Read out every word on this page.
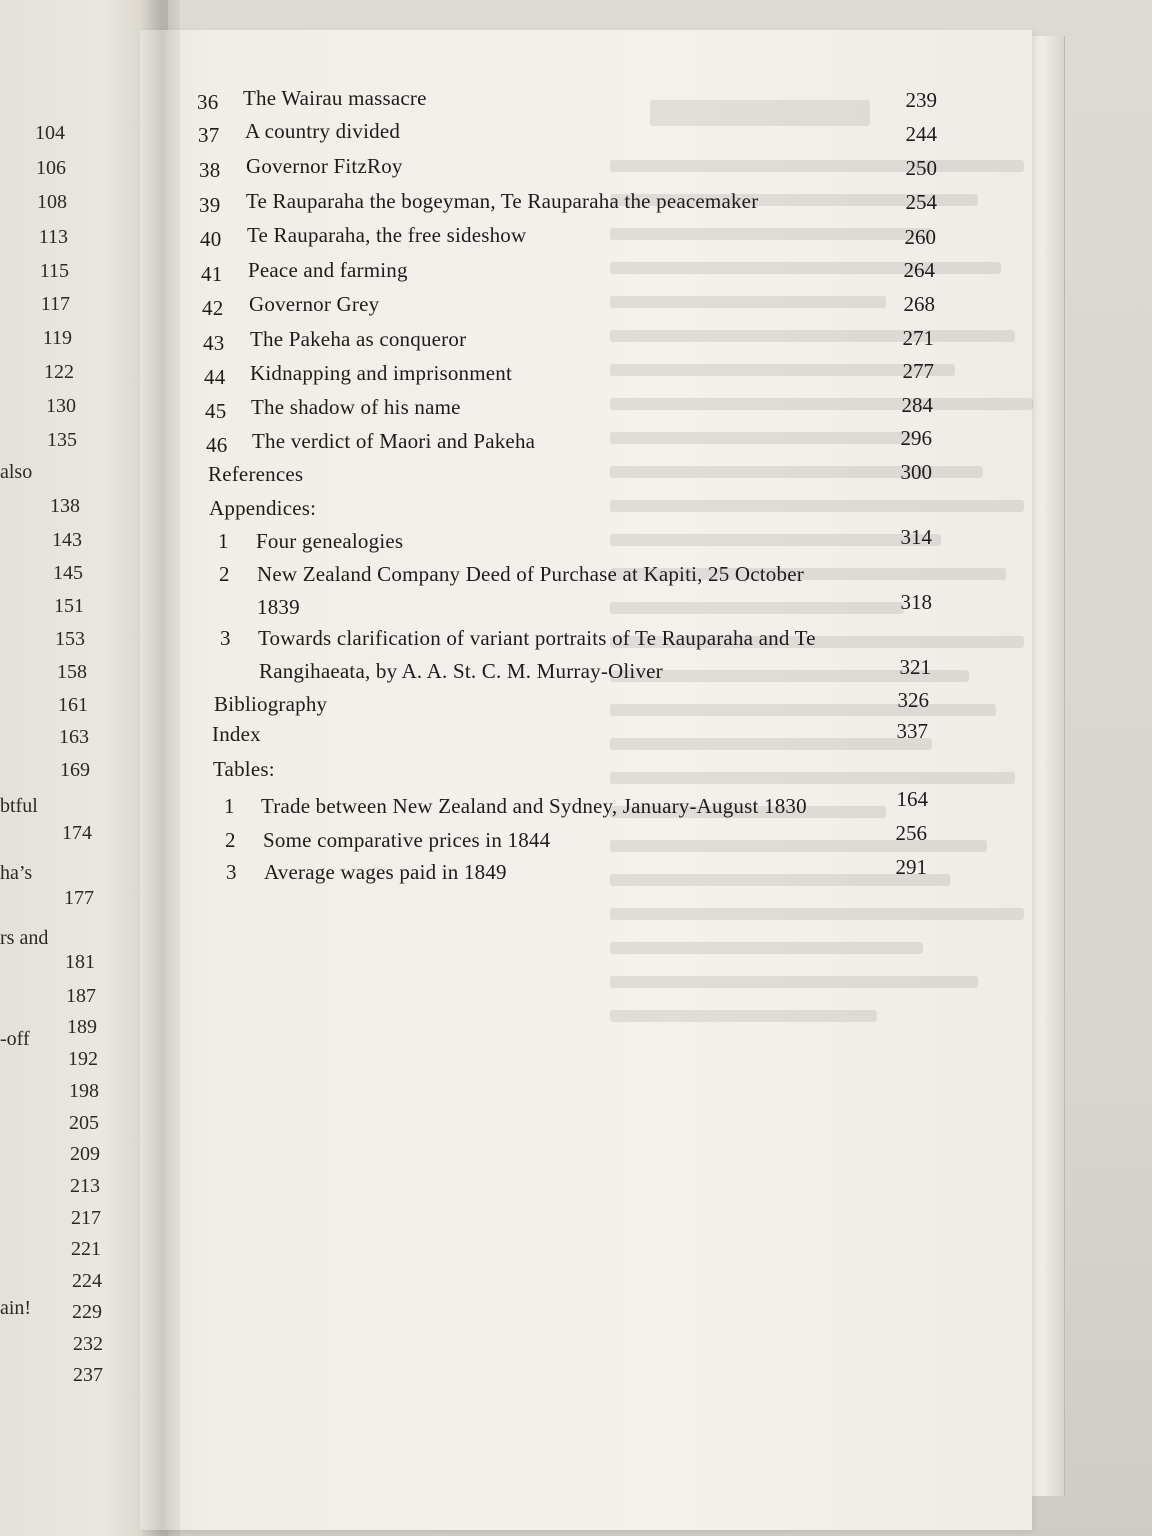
104
106
108
113
115
117
119
122
130
135
138
143
145
151
153
158
161
163
169
174
177
181
187
189
192
198
205
209
213
217
221
224
229
232
237
also
btful
ha’s
rs and
-off
ain!
36 The Wairau massacre	239
37 A country divided	244
38 Governor FitzRoy	250
39 Te Rauparaha the bogeyman, Te Rauparaha the peacemaker	254
40 Te Rauparaha, the free sideshow	260
41 Peace and farming	264
42 Governor Grey	268
43 The Pakeha as conqueror	271
44 Kidnapping and imprisonment	277
45 The shadow of his name	284
46 The verdict of Maori and Pakeha	296
References	300
Appendices:
1	Four genealogies	314
2	New Zealand Company Deed of Purchase at Kapiti, 25 October
1839	318
3	Towards clarification of variant portraits of Te Rauparaha and Te
Rangihaeata, by A. A. St. C. M. Murray-Oliver	321
Bibliography	326
Index	337
Tables:
1	Trade between New Zealand and Sydney, January-August 1830	164
2	Some comparative prices in 1844	256
3	Average wages paid in 1849	291
